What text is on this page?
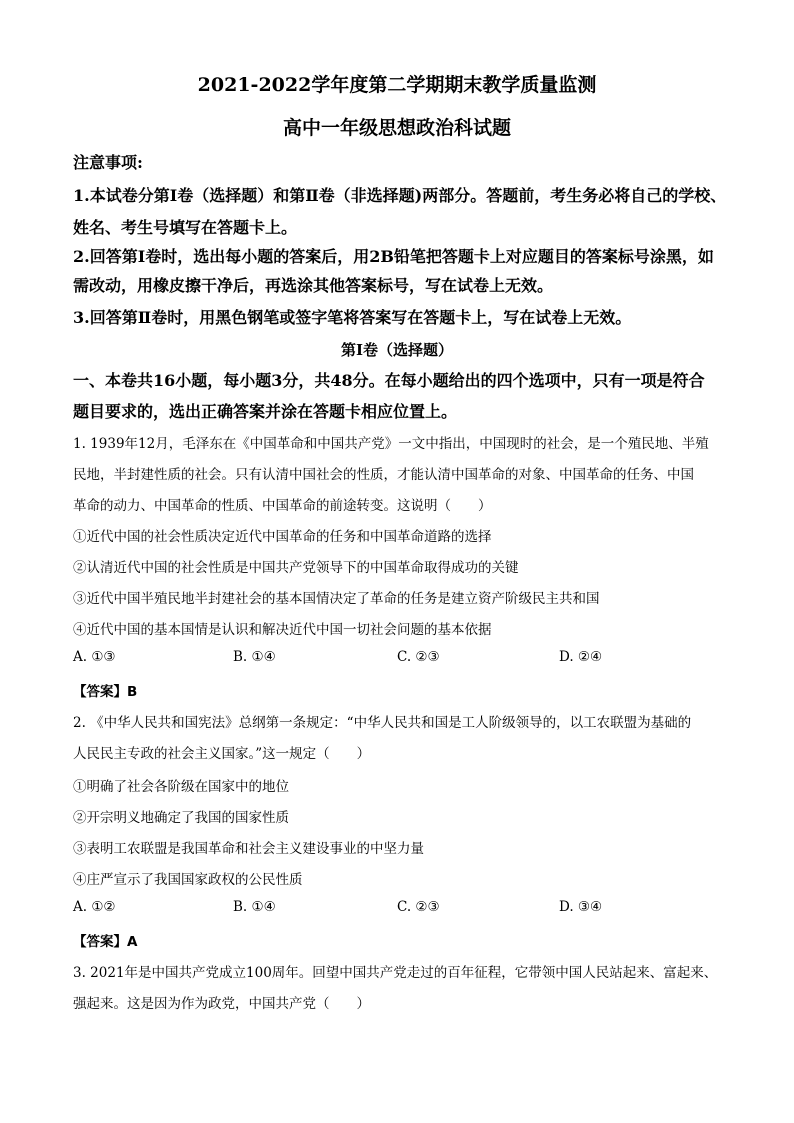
2021-2022学年度第二学期期末教学质量监测
高中一年级思想政治科试题
注意事项:
1.本试卷分第Ⅰ卷（选择题）和第Ⅱ卷（非选择题)两部分。答题前，考生务必将自己的学校、
姓名、考生号填写在答题卡上。
2.回答第Ⅰ卷时，选出每小题的答案后，用2B铅笔把答题卡上对应题目的答案标号涂黑，如
需改动，用橡皮擦干净后，再选涂其他答案标号，写在试卷上无效。
3.回答第Ⅱ卷时，用黑色钢笔或签字笔将答案写在答题卡上，写在试卷上无效。
第Ⅰ卷（选择题）
一、本卷共16小题，每小题3分，共48分。在每小题给出的四个选项中，只有一项是符合
题目要求的，选出正确答案并涂在答题卡相应位置上。
1. 1939年12月，毛泽东在《中国革命和中国共产党》一文中指出，中国现时的社会，是一个殖民地、半殖
民地，半封建性质的社会。只有认清中国社会的性质，才能认清中国革命的对象、中国革命的任务、中国
革命的动力、中国革命的性质、中国革命的前途转变。这说明（　　）
①近代中国的社会性质决定近代中国革命的任务和中国革命道路的选择
②认清近代中国的社会性质是中国共产党领导下的中国革命取得成功的关键
③近代中国半殖民地半封建社会的基本国情决定了革命的任务是建立资产阶级民主共和国
④近代中国的基本国情是认识和解决近代中国一切社会问题的基本依据
A. ①③	B. ①④	C. ②③	D. ②④
【答案】B
2. 《中华人民共和国宪法》总纲第一条规定：“中华人民共和国是工人阶级领导的，以工农联盟为基础的
人民民主专政的社会主义国家。”这一规定（　　）
①明确了社会各阶级在国家中的地位
②开宗明义地确定了我国的国家性质
③表明工农联盟是我国革命和社会主义建设事业的中坚力量
④庄严宣示了我国国家政权的公民性质
A. ①②	B. ①④	C. ②③	D. ③④
【答案】A
3. 2021年是中国共产党成立100周年。回望中国共产党走过的百年征程，它带领中国人民站起来、富起来、
强起来。这是因为作为政党，中国共产党（　　）
